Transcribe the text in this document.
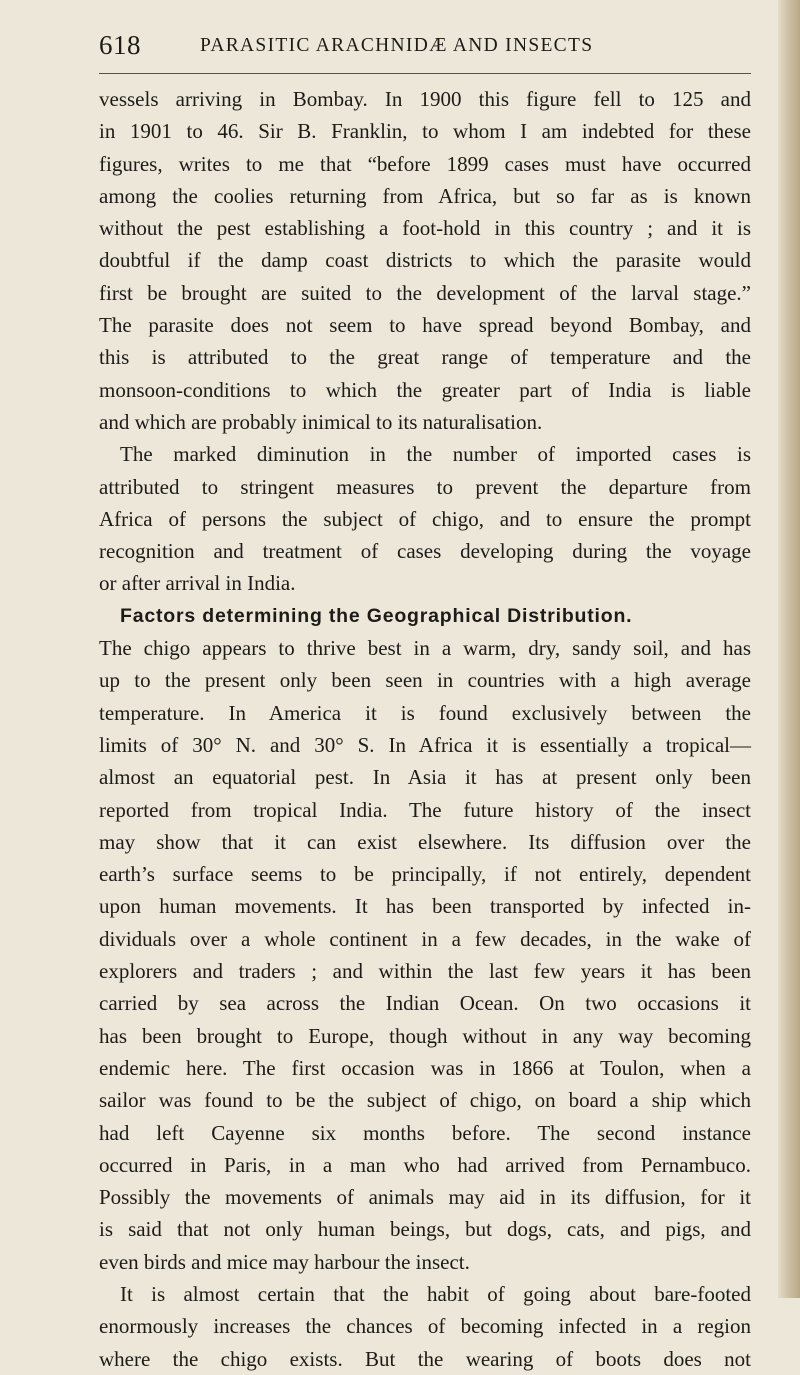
618	PARASITIC ARACHNIDÆ AND INSECTS
vessels arriving in Bombay. In 1900 this figure fell to 125 and
in 1901 to 46. Sir B. Franklin, to whom I am indebted for these
figures, writes to me that “before 1899 cases must have occurred
among the coolies returning from Africa, but so far as is known
without the pest establishing a foot-hold in this country ; and it is
doubtful if the damp coast districts to which the parasite would
first be brought are suited to the development of the larval stage.”
The parasite does not seem to have spread beyond Bombay, and
this is attributed to the great range of temperature and the
monsoon-conditions to which the greater part of India is liable
and which are probably inimical to its naturalisation.
The marked diminution in the number of imported cases is
attributed to stringent measures to prevent the departure from
Africa of persons the subject of chigo, and to ensure the prompt
recognition and treatment of cases developing during the voyage
or after arrival in India.
Factors determining the Geographical Distribution.
The chigo appears to thrive best in a warm, dry, sandy soil, and has
up to the present only been seen in countries with a high average
temperature. In America it is found exclusively between the
limits of 30° N. and 30° S. In Africa it is essentially a tropical—
almost an equatorial pest. In Asia it has at present only been
reported from tropical India. The future history of the insect
may show that it can exist elsewhere. Its diffusion over the
earth’s surface seems to be principally, if not entirely, dependent
upon human movements. It has been transported by infected in-
dividuals over a whole continent in a few decades, in the wake of
explorers and traders ; and within the last few years it has been
carried by sea across the Indian Ocean. On two occasions it
has been brought to Europe, though without in any way becoming
endemic here. The first occasion was in 1866 at Toulon, when a
sailor was found to be the subject of chigo, on board a ship which
had left Cayenne six months before. The second instance
occurred in Paris, in a man who had arrived from Pernambuco.
Possibly the movements of animals may aid in its diffusion, for it
is said that not only human beings, but dogs, cats, and pigs, and
even birds and mice may harbour the insect.
It is almost certain that the habit of going about bare-footed
enormously increases the chances of becoming infected in a region
where the chigo exists. But the wearing of boots does not
